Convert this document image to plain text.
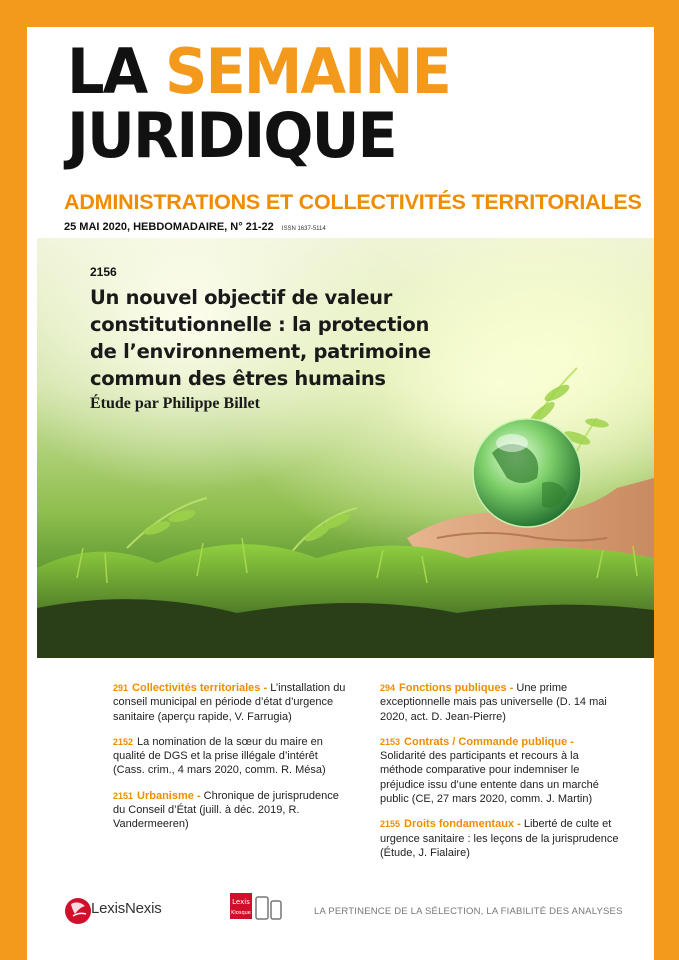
LA SEMAINE
JURIDIQUE
ADMINISTRATIONS ET COLLECTIVITÉS TERRITORIALES
25 MAI 2020, HEBDOMADAIRE, N° 21-22 ISSN 1637-5114
2156
Un nouvel objectif de valeur
constitutionnelle : la protection
de l’environnement, patrimoine
commun des êtres humains
Étude par Philippe Billet
291 Collectivités territoriales - L’installation du conseil municipal en période d’état d’urgence sanitaire (aperçu rapide, V. Farrugia)
2152 La nomination de la sœur du maire en qualité de DGS et la prise illégale d’intérêt (Cass. crim., 4 mars 2020, comm. R. Mésa)
2151 Urbanisme - Chronique de jurisprudence du Conseil d’État (juill. à déc. 2019, R. Vandermeeren)
294 Fonctions publiques - Une prime exceptionnelle mais pas universelle (D. 14 mai 2020, act. D. Jean-Pierre)
2153 Contrats / Commande publique - Solidarité des participants et recours à la méthode comparative pour indemniser le préjudice issu d’une entente dans un marché public (CE, 27 mars 2020, comm. J. Martin)
2155 Droits fondamentaux - Liberté de culte et urgence sanitaire : les leçons de la jurisprudence (Étude, J. Fialaire)
LexisNexis	Lexis
Kiosque	LA PERTINENCE DE LA SÉLECTION, LA FIABILITÉ DES ANALYSES
